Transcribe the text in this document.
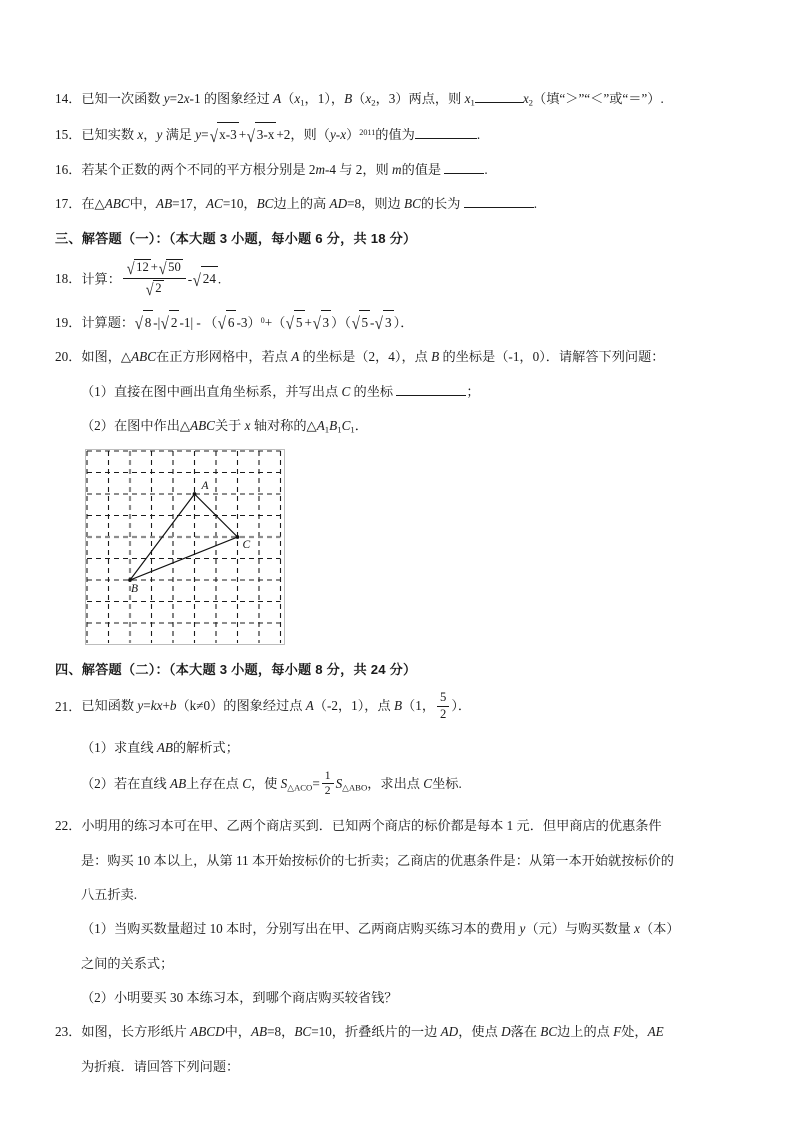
14．已知一次函数 y=2x-1 的图象经过 $A(x_1$，1），$B(x_2$，3）两点，则 $x_1$	$x_2$（填“＞”“＜”或“＝”）.
15．已知实数 x，y 满足 y=√ x-3 +√ 3-x +2，则$(y-x)^{2011}$的值为	.
16．若某个正数的两个不同的平方根分别是 2m-4 与 2，则 m的值是	.
17．在△ABC中，AB=17，AC=10，BC边上的高 AD=8，则边 BC的长为	.
三、解答题（一）：（本大题 3 小题，每小题 6 分，共 18 分）
18．计算： $\frac{√ 12 +√ 50}{√ 2}$ -√ 24 .
19．计算题：√ 8 -|√ 2 -1| - （√ 6 -3）$^0$+（√ 5 +√ 3 ）（√ 5 -√ 3 ）．
20．如图，△ABC在正方形网格中，若点 A 的坐标是（2，4），点 B 的坐标是（-1，0）．请解答下列问题：
（1）直接在图中画出直角坐标系，并写出点 C 的坐标	；
（2）在图中作出△ABC关于 x 轴对称的$\triangle A_1B_1C_1$．
A
B
C
四、解答题（二）：（本大题 3 小题，每小题 8 分，共 24 分）
21．已知函数 y=kx+b（k≠0）的图象经过点 A（-2，1），点 B（1， $\frac{5}{2}$ ）．
（1）求直线 AB的解析式；
（2）若在直线 AB上存在点 C，使 $S_{\triangle ACO}= \frac{1}{2} S_{\triangle ABO}$，求出点 C坐标.
22．小明用的练习本可在甲、乙两个商店买到．已知两个商店的标价都是每本 1 元．但甲商店的优惠条件
是：购买 10 本以上，从第 11 本开始按标价的七折卖；乙商店的优惠条件是：从第一本开始就按标价的
八五折卖.
（1）当购买数量超过 10 本时，分别写出在甲、乙两商店购买练习本的费用 y（元）与购买数量 x（本）
之间的关系式；
（2）小明要买 30 本练习本，到哪个商店购买较省钱？
23．如图，长方形纸片 ABCD中，AB=8，BC=10，折叠纸片的一边 AD，使点 D落在 BC边上的点 F处，AE
为折痕．请回答下列问题：
